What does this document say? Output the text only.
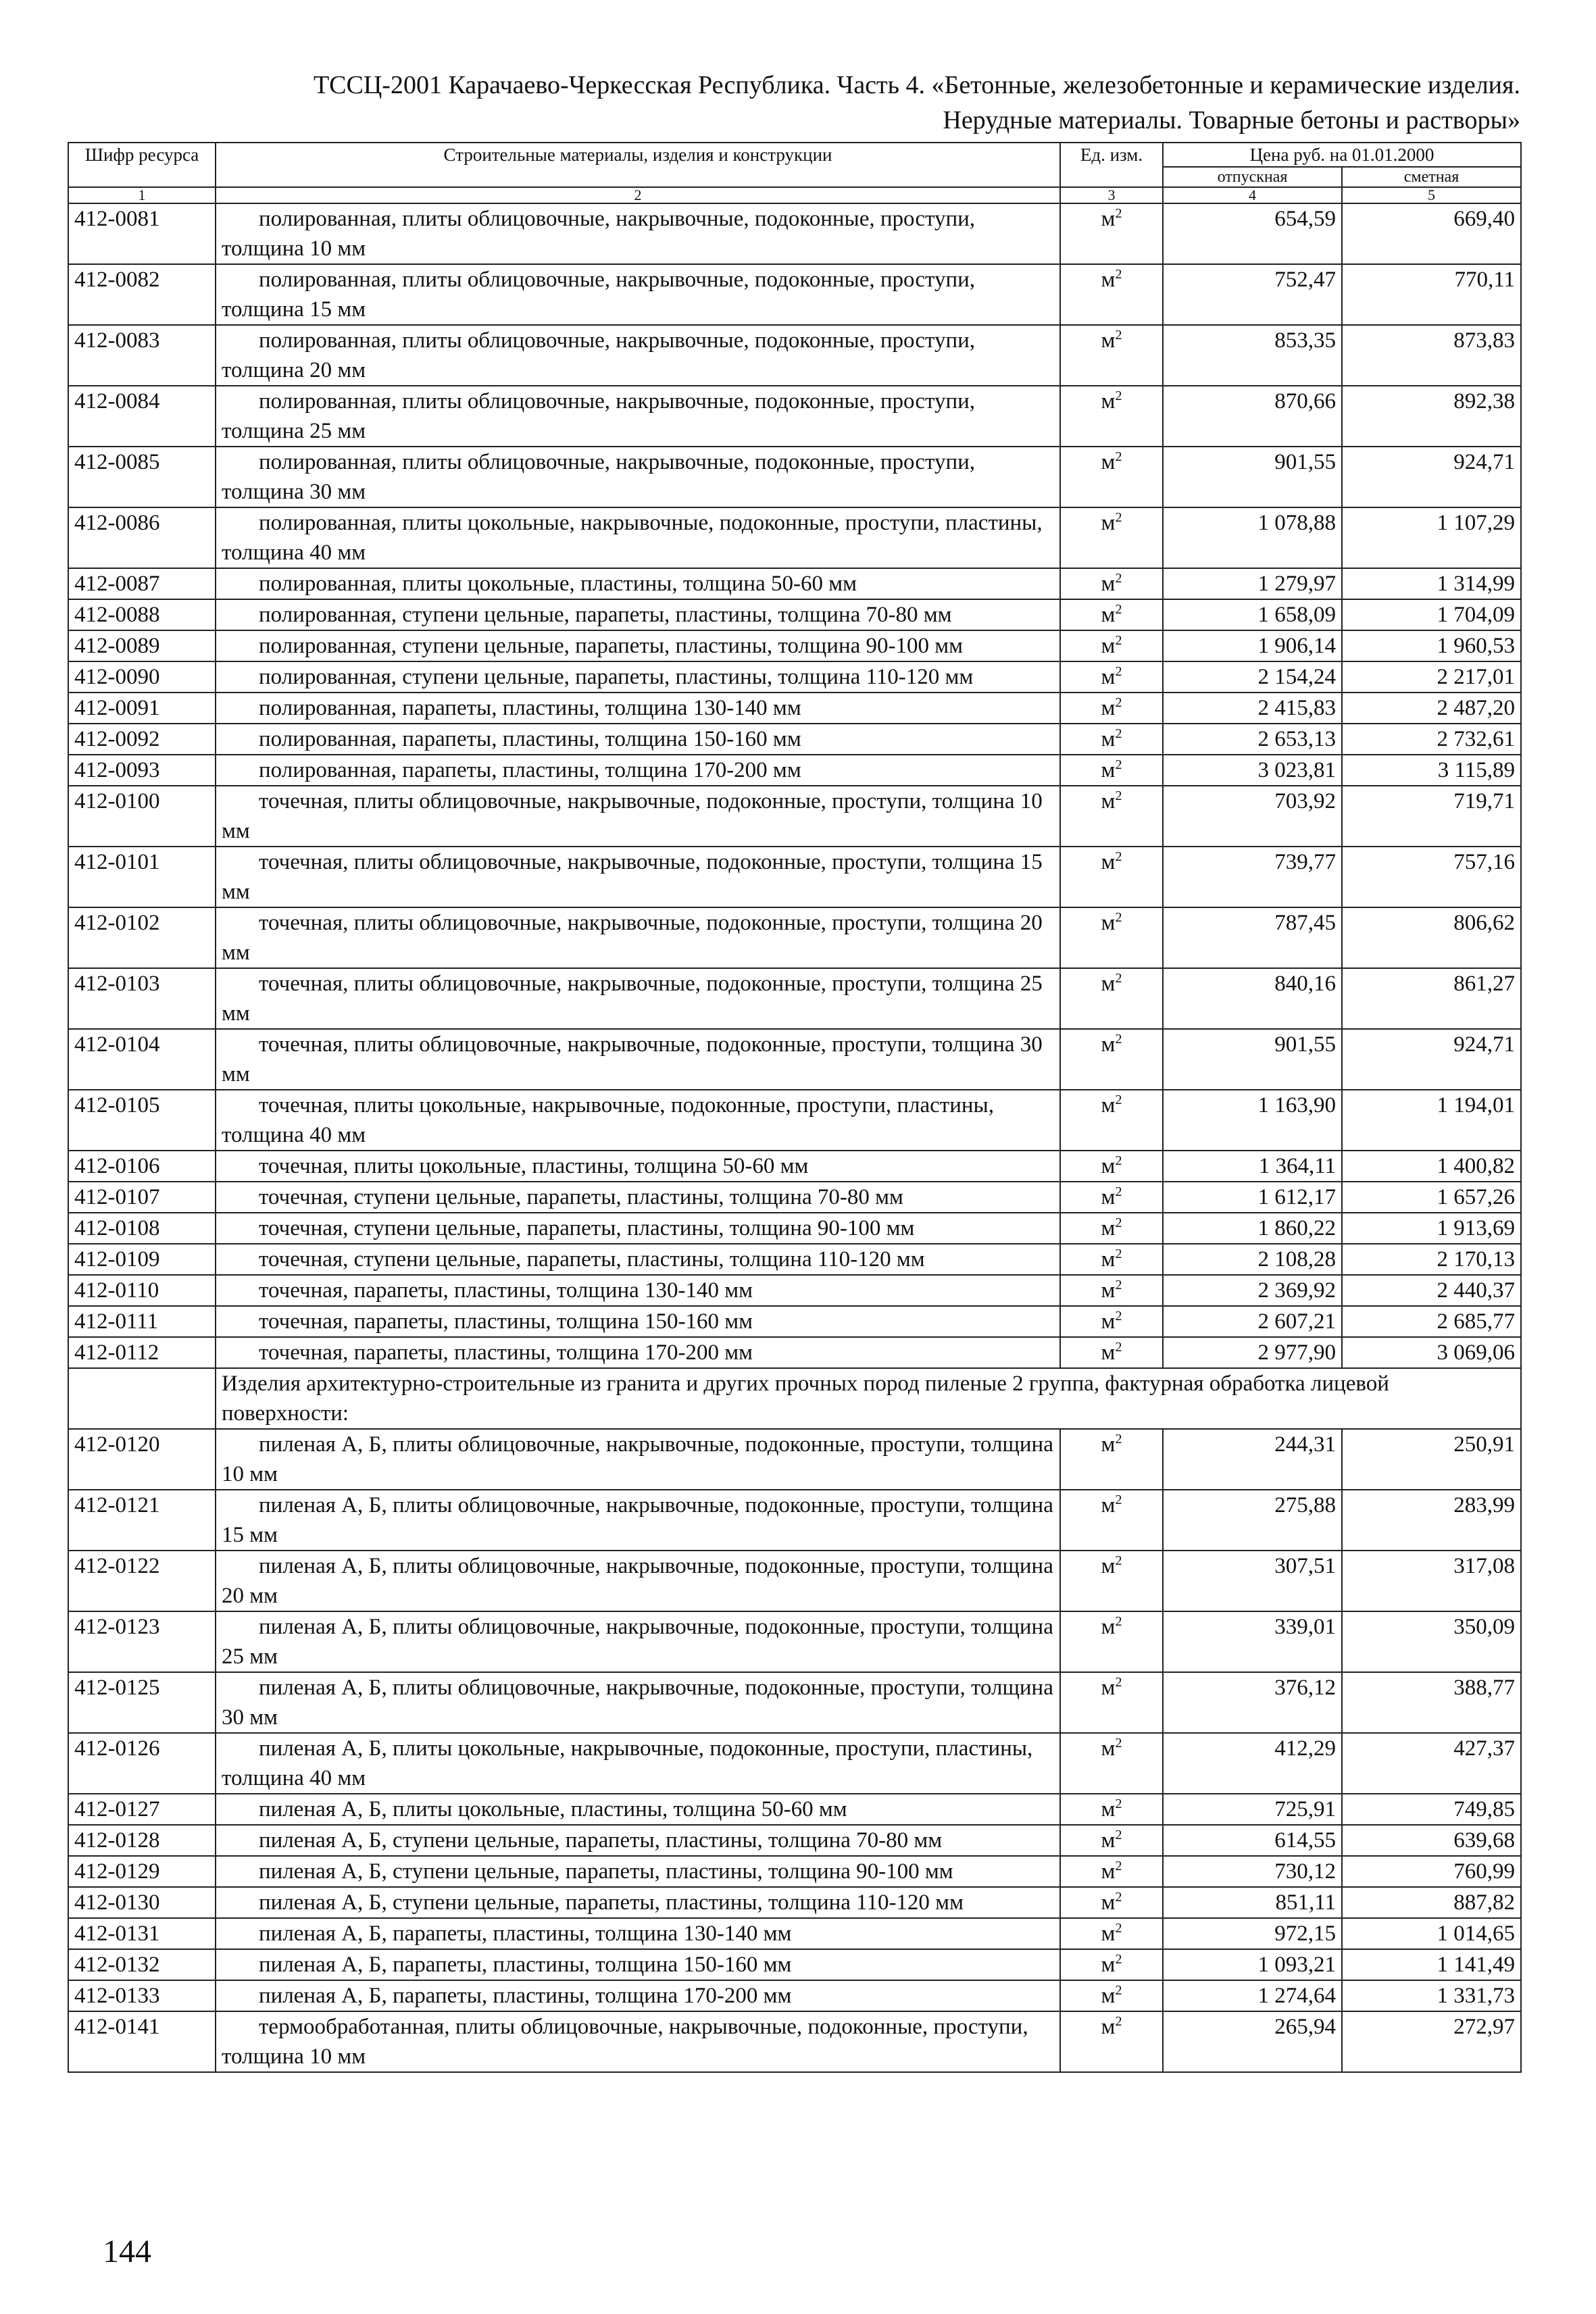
ТССЦ-2001 Карачаево-Черкесская Республика. Часть 4. «Бетонные, железобетонные и керамические изделия.
Нерудные материалы. Товарные бетоны и растворы»
Шифр ресурса	Строительные материалы, изделия и конструкции	Ед. изм.	Цена руб. на 01.01.2000	
			отпускная	сметная
1	2	3	4	5
412-0081	полированная, плиты облицовочные, накрывочные, подоконные, проступи, толщина 10 мм	$м^2$	654,59	669,40
412-0082	полированная, плиты облицовочные, накрывочные, подоконные, проступи, толщина 15 мм	$м^2$	752,47	770,11
412-0083	полированная, плиты облицовочные, накрывочные, подоконные, проступи, толщина 20 мм	$м^2$	853,35	873,83
412-0084	полированная, плиты облицовочные, накрывочные, подоконные, проступи, толщина 25 мм	$м^2$	870,66	892,38
412-0085	полированная, плиты облицовочные, накрывочные, подоконные, проступи, толщина 30 мм	$м^2$	901,55	924,71
412-0086	полированная, плиты цокольные, накрывочные, подоконные, проступи, пластины, толщина 40 мм	$м^2$	1 078,88	1 107,29
412-0087	полированная, плиты цокольные, пластины, толщина 50-60 мм	$м^2$	1 279,97	1 314,99
412-0088	полированная, ступени цельные, парапеты, пластины, толщина 70-80 мм	$м^2$	1 658,09	1 704,09
412-0089	полированная, ступени цельные, парапеты, пластины, толщина 90-100 мм	$м^2$	1 906,14	1 960,53
412-0090	полированная, ступени цельные, парапеты, пластины, толщина 110-120 мм	$м^2$	2 154,24	2 217,01
412-0091	полированная, парапеты, пластины, толщина 130-140 мм	$м^2$	2 415,83	2 487,20
412-0092	полированная, парапеты, пластины, толщина 150-160 мм	$м^2$	2 653,13	2 732,61
412-0093	полированная, парапеты, пластины, толщина 170-200 мм	$м^2$	3 023,81	3 115,89
412-0100	точечная, плиты облицовочные, накрывочные, подоконные, проступи, толщина 10 мм	$м^2$	703,92	719,71
412-0101	точечная, плиты облицовочные, накрывочные, подоконные, проступи, толщина 15 мм	$м^2$	739,77	757,16
412-0102	точечная, плиты облицовочные, накрывочные, подоконные, проступи, толщина 20 мм	$м^2$	787,45	806,62
412-0103	точечная, плиты облицовочные, накрывочные, подоконные, проступи, толщина 25 мм	$м^2$	840,16	861,27
412-0104	точечная, плиты облицовочные, накрывочные, подоконные, проступи, толщина 30 мм	$м^2$	901,55	924,71
412-0105	точечная, плиты цокольные, накрывочные, подоконные, проступи, пластины, толщина 40 мм	$м^2$	1 163,90	1 194,01
412-0106	точечная, плиты цокольные, пластины, толщина 50-60 мм	$м^2$	1 364,11	1 400,82
412-0107	точечная, ступени цельные, парапеты, пластины, толщина 70-80 мм	$м^2$	1 612,17	1 657,26
412-0108	точечная, ступени цельные, парапеты, пластины, толщина 90-100 мм	$м^2$	1 860,22	1 913,69
412-0109	точечная, ступени цельные, парапеты, пластины, толщина 110-120 мм	$м^2$	2 108,28	2 170,13
412-0110	точечная, парапеты, пластины, толщина 130-140 мм	$м^2$	2 369,92	2 440,37
412-0111	точечная, парапеты, пластины, толщина 150-160 мм	$м^2$	2 607,21	2 685,77
412-0112	точечная, парапеты, пластины, толщина 170-200 мм	$м^2$	2 977,90	3 069,06
	Изделия архитектурно-строительные из гранита и других прочных пород пиленые 2 группа, фактурная обработка лицевой поверхности:			
412-0120	пиленая А, Б, плиты облицовочные, накрывочные, подоконные, проступи, толщина 10 мм	$м^2$	244,31	250,91
412-0121	пиленая А, Б, плиты облицовочные, накрывочные, подоконные, проступи, толщина 15 мм	$м^2$	275,88	283,99
412-0122	пиленая А, Б, плиты облицовочные, накрывочные, подоконные, проступи, толщина 20 мм	$м^2$	307,51	317,08
412-0123	пиленая А, Б, плиты облицовочные, накрывочные, подоконные, проступи, толщина 25 мм	$м^2$	339,01	350,09
412-0125	пиленая А, Б, плиты облицовочные, накрывочные, подоконные, проступи, толщина 30 мм	$м^2$	376,12	388,77
412-0126	пиленая А, Б, плиты цокольные, накрывочные, подоконные, проступи, пластины, толщина 40 мм	$м^2$	412,29	427,37
412-0127	пиленая А, Б, плиты цокольные, пластины, толщина 50-60 мм	$м^2$	725,91	749,85
412-0128	пиленая А, Б, ступени цельные, парапеты, пластины, толщина 70-80 мм	$м^2$	614,55	639,68
412-0129	пиленая А, Б, ступени цельные, парапеты, пластины, толщина 90-100 мм	$м^2$	730,12	760,99
412-0130	пиленая А, Б, ступени цельные, парапеты, пластины, толщина 110-120 мм	$м^2$	851,11	887,82
412-0131	пиленая А, Б, парапеты, пластины, толщина 130-140 мм	$м^2$	972,15	1 014,65
412-0132	пиленая А, Б, парапеты, пластины, толщина 150-160 мм	$м^2$	1 093,21	1 141,49
412-0133	пиленая А, Б, парапеты, пластины, толщина 170-200 мм	$м^2$	1 274,64	1 331,73
412-0141	термообработанная, плиты облицовочные, накрывочные, подоконные, проступи, толщина 10 мм	$м^2$	265,94	272,97
144
